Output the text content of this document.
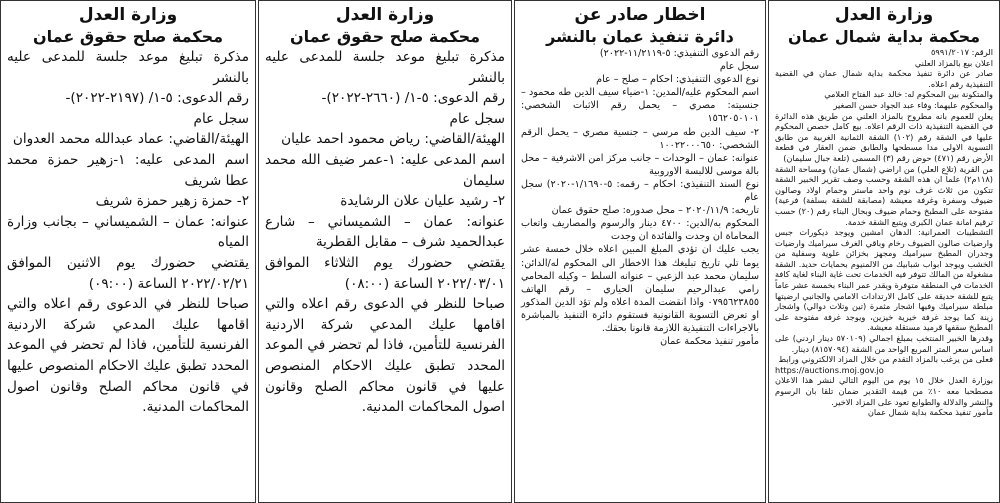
وزارة العدل
محكمة بداية شمال عمان
الرقم: ٥٩٩١/٢٠١٧
اعلان بيع بالمزاد العلني
صادر عن دائرة تنفيذ محكمة بداية شمال عمان في القضية التنفيذية رقم اعلاه.
والمتكونة بين المحكوم له: خالد عبد الفتاح العلامي
والمحكوم عليهما: وفاء عبد الجواد حسن الصغير
يعلن للعموم بانه مطروح بالمزاد العلني من طريق هذه الدائرة في القضية التنفيذية ذات الرقم اعلاه. بيع كامل حصص المحكوم عليها في الشقة رقم (١٠٢) الشقة الثمانية الغربية من طابق التسوية الاولى مدا مسطحها والطابق ضمن العقار في قطعة الأرض رقم (٤٧١) حوض رقم (٣) المسمى (تلعة جبال سليمان)
من القرية (تلاع العلي) من اراضي (شمال عمان) ومساحة الشقة (١١٨م٢) علماً ان هذه الشقة وحسب وصف تقرير الخبير الشقة تتكون من ثلاث غرف نوم واحد ماستر وحمام اولاد وصالون ضيوف وسفرة وغرفة معيشة (مصابقة للشقة بسلفة) فرعية) مفتوحة على المطبخ وحمام ضيوف وبحال البناء رقم (٢٠) حسب ترقيم امانة عمان الكبرى ويتبع الشقة خدمة.
التشطيبات العمرانية: الدهان امشين ويوجد ديكورات جبس وارضيات صالون الضيوف رخام وباقي الغرف سيراميك وارضيات وجدران المطبخ سيراميك ومجهز بخزائن علوية وسفلية من الخشب ويوجد ابواب شبابيك من الالمنيوم بحمايات حديد. الشقة مشغولة من المالك تتوفر فيه الخدمات تحت غاية البناء لغاية كافة الخدمات في المنطقة متوفرة ويقدر عمر البناء بخمسة عشر عاماً يتبع للشقة حديقة على كامل الارتدادات الامامي والجانبي ارضيتها مبلطة سيراميك وفيها اشجار مثمرة (تين وتلات دوالي) واشجار زينة كما يوجد غرفة خيرية خيزين، ويوجد غرفة مفتوحة على المطبخ سقفها قرميد مستقلة معيشة.
وقدرها الخبير المنتخب بمبلغ اجمالي (٥٧٠١٠٩ دينار اردني) على اساس سعر المتر المربع الواحد من الشقة (٨١٥٧٠٩٤) دينار.
فعلى من يرغب بالمزاد التقدم من خلال المزاد الالكتروني ورابط
https://auctions.moj.gov.jo
بوزارة العدل خلال ١٥ يوم من اليوم التالي لنشر هذا الاعلان مصطحبا معه ١٠٪ من قيمة التقدير ضمان تلقا بان الرسوم والنشر والدلالة والطوابع تعود على المزاد الاخير.
مأمور تنفيذ محكمة بداية شمال عمان
اخطار صادر عن
دائرة تنفيذ عمان بالنشر
رقم الدعوى التنفيذي: ٥-١١/٢١١٩-٢٠٢٢)
سجل عام
نوع الدعوى التنفيذي: احكام – صلح – عام
اسم المحكوم عليه/المدين: ١-ضياء سيف الدين طه محمود – جنسيته: مصري – يحمل رقم الاثبات الشخصي: ١٥٦٢٠٥٠١٠١
٢- سيف الدين طه مرسي – جنسية مصري – يحمل الرقم الشخصي: ١٠٠٢٢٠٠٠٦٥٠
عنوانه: عمان – الوحدات – جانب مركز امن الاشرفية – محل بالة موسى للالبسة الاوروبية
نوع السند التنفيذي: احكام – رقمه: ٥-١/١٦٩٠-٢٠٢٠) سجل عام
تاريخه: ٢٠٢٠/١١/٩ – محل صدوره: صلح حقوق عمان
المحكوم به/الدين: ٤٧٠٠ دينار والرسوم والمصاريف واتعاب المحاماة ان وجدت والفائدة ان وجدت
يجب عليك ان تؤدي المبلغ المبين اعلاه خلال خمسة عشر يوما تلي تاريخ تبليغك هذا الاخطار الى المحكوم له/الدائن: سليمان محمد عبد الزعبي – عنوانه السلط – وكيله المحامي رامي عبدالرحيم سليمان الحياري – رقم الهاتف ٠٧٩٥٦٢٣٨٥٥ واذا انقضت المدة اعلاه ولم تؤد الدين المذكور او تعرض التسوية القانونية فستقوم دائرة التنفيذ بالمباشرة بالاجراءات التنفيذية اللازمة قانونا بحقك.
مأمور تنفيذ محكمة عمان
وزارة العدل
محكمة صلح حقوق عمان
مذكرة تبليغ موعد جلسة للمدعى عليه بالنشر
رقم الدعوى: ٥-١/ (٢٦٦٠-٢٠٢٢)-
سجل عام
الهيئة/القاضي: رياض محمود احمد عليان
اسم المدعى عليه: ١-عمر ضيف الله محمد سليمان
٢- رشيد عليان علان الرشايدة
عنوانه: عمان – الشميساني – شارع عبدالحميد شرف – مقابل القطرية
يقتضي حضورك يوم الثلاثاء الموافق ٢٠٢٢/٠٣/٠١ الساعة (٠٨:٠٠)
صباحا للنظر في الدعوى رقم اعلاه والتي اقامها عليك المدعي شركة الاردنية الفرنسية للتأمين، فاذا لم تحضر في الموعد المحدد تطبق عليك الاحكام المنصوص عليها في قانون محاكم الصلح وقانون اصول المحاكمات المدنية.
وزارة العدل
محكمة صلح حقوق عمان
مذكرة تبليغ موعد جلسة للمدعى عليه بالنشر
رقم الدعوى: ٥-١/ (٢١٩٧-٢٠٢٢)-
سجل عام
الهيئة/القاضي: عماد عبدالله محمد العدوان
اسم المدعى عليه: ١-زهير حمزة محمد عطا شريف
٢- حمزة زهير حمزة شريف
عنوانه: عمان – الشميساني – بجانب وزارة المياه
يقتضي حضورك يوم الاثنين الموافق ٢٠٢٢/٠٢/٢١ الساعة (٠٩:٠٠)
صباحا للنظر في الدعوى رقم اعلاه والتي اقامها عليك المدعي شركة الاردنية الفرنسية للتأمين، فاذا لم تحضر في الموعد المحدد تطبق عليك الاحكام المنصوص عليها في قانون محاكم الصلح وقانون اصول المحاكمات المدنية.
